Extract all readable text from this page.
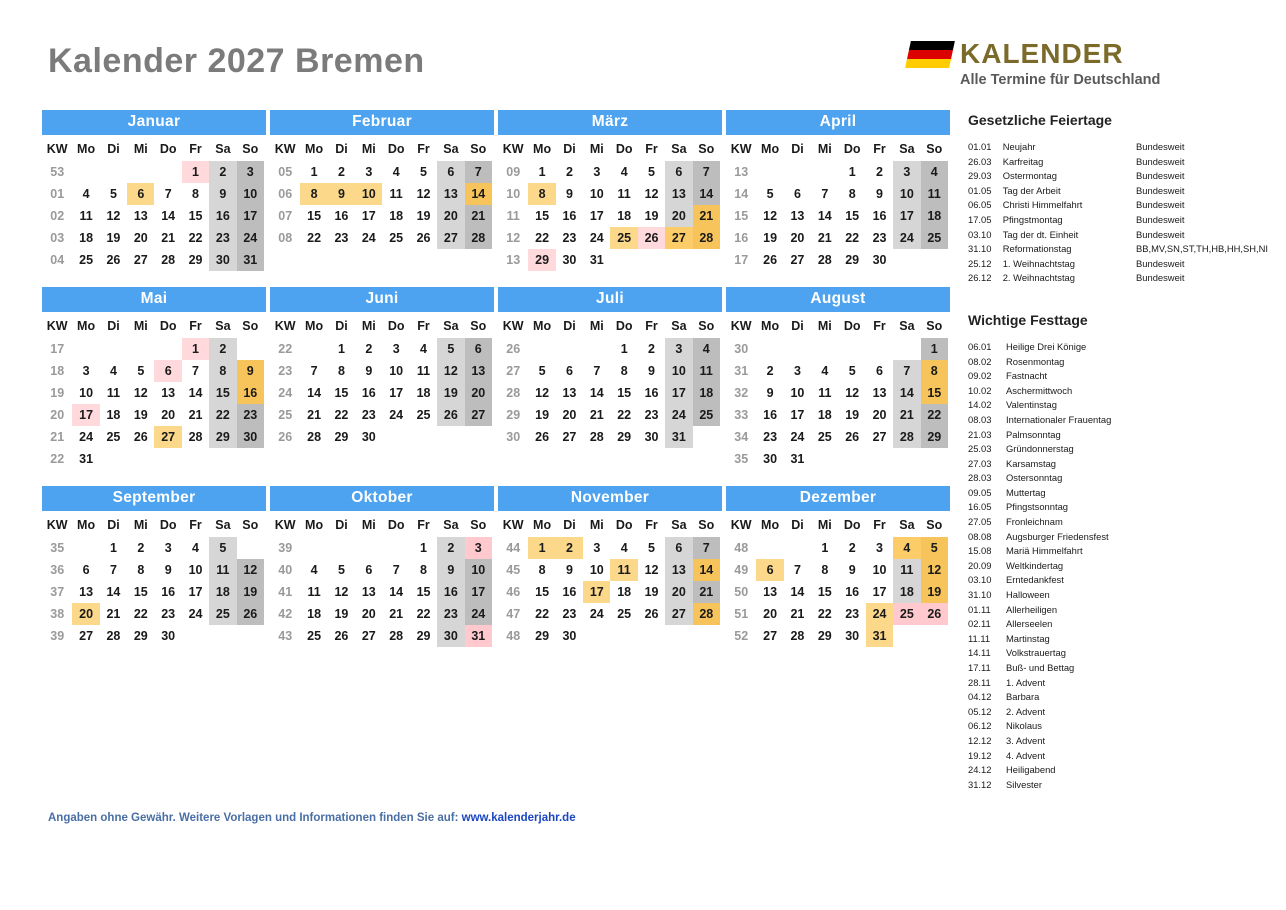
Kalender 2027 Bremen	KALENDER
Alle Termine für Deutschland
Januar
KW	Mo	Di	Mi	Do	Fr	Sa	So
53					1	2	3
01	4	5	6	7	8	9	10
02	11	12	13	14	15	16	17
03	18	19	20	21	22	23	24
04	25	26	27	28	29	30	31
Februar
KW	Mo	Di	Mi	Do	Fr	Sa	So
05	1	2	3	4	5	6	7
06	8	9	10	11	12	13	14
07	15	16	17	18	19	20	21
08	22	23	24	25	26	27	28
März
KW	Mo	Di	Mi	Do	Fr	Sa	So
09	1	2	3	4	5	6	7
10	8	9	10	11	12	13	14
11	15	16	17	18	19	20	21
12	22	23	24	25	26	27	28
13	29	30	31				
April
KW	Mo	Di	Mi	Do	Fr	Sa	So
13				1	2	3	4
14	5	6	7	8	9	10	11
15	12	13	14	15	16	17	18
16	19	20	21	22	23	24	25
17	26	27	28	29	30		
Mai
KW	Mo	Di	Mi	Do	Fr	Sa	So
17					1	2	
18	3	4	5	6	7	8	9
19	10	11	12	13	14	15	16
20	17	18	19	20	21	22	23
21	24	25	26	27	28	29	30
22	31						
Juni
KW	Mo	Di	Mi	Do	Fr	Sa	So
22		1	2	3	4	5	6
23	7	8	9	10	11	12	13
24	14	15	16	17	18	19	20
25	21	22	23	24	25	26	27
26	28	29	30				
Juli
KW	Mo	Di	Mi	Do	Fr	Sa	So
26				1	2	3	4
27	5	6	7	8	9	10	11
28	12	13	14	15	16	17	18
29	19	20	21	22	23	24	25
30	26	27	28	29	30	31	
August
KW	Mo	Di	Mi	Do	Fr	Sa	So
30							1
31	2	3	4	5	6	7	8
32	9	10	11	12	13	14	15
33	16	17	18	19	20	21	22
34	23	24	25	26	27	28	29
35	30	31					
September
KW	Mo	Di	Mi	Do	Fr	Sa	So
35		1	2	3	4	5	
36	6	7	8	9	10	11	12
37	13	14	15	16	17	18	19
38	20	21	22	23	24	25	26
39	27	28	29	30			
Oktober
KW	Mo	Di	Mi	Do	Fr	Sa	So
39					1	2	3
40	4	5	6	7	8	9	10
41	11	12	13	14	15	16	17
42	18	19	20	21	22	23	24
43	25	26	27	28	29	30	31
November
KW	Mo	Di	Mi	Do	Fr	Sa	So
44	1	2	3	4	5	6	7
45	8	9	10	11	12	13	14
46	15	16	17	18	19	20	21
47	22	23	24	25	26	27	28
48	29	30					
Dezember
KW	Mo	Di	Mi	Do	Fr	Sa	So
48			1	2	3	4	5
49	6	7	8	9	10	11	12
50	13	14	15	16	17	18	19
51	20	21	22	23	24	25	26
52	27	28	29	30	31		
Gesetzliche Feiertage
01.01	Neujahr	Bundesweit
26.03	Karfreitag	Bundesweit
29.03	Ostermontag	Bundesweit
01.05	Tag der Arbeit	Bundesweit
06.05	Christi Himmelfahrt	Bundesweit
17.05	Pfingstmontag	Bundesweit
03.10	Tag der dt. Einheit	Bundesweit
31.10	Reformationstag	BB,MV,SN,ST,TH,HB,HH,SH,NI
25.12	1. Weihnachtstag	Bundesweit
26.12	2. Weihnachtstag	Bundesweit
Wichtige Festtage
06.01	Heilige Drei Könige
08.02	Rosenmontag
09.02	Fastnacht
10.02	Aschermittwoch
14.02	Valentinstag
08.03	Internationaler Frauentag
21.03	Palmsonntag
25.03	Gründonnerstag
27.03	Karsamstag
28.03	Ostersonntag
09.05	Muttertag
16.05	Pfingstsonntag
27.05	Fronleichnam
08.08	Augsburger Friedensfest
15.08	Mariä Himmelfahrt
20.09	Weltkindertag
03.10	Erntedankfest
31.10	Halloween
01.11	Allerheiligen
02.11	Allerseelen
11.11	Martinstag
14.11	Volkstrauertag
17.11	Buß- und Bettag
28.11	1. Advent
04.12	Barbara
05.12	2. Advent
06.12	Nikolaus
12.12	3. Advent
19.12	4. Advent
24.12	Heiligabend
31.12	Silvester
Angaben ohne Gewähr. Weitere Vorlagen und Informationen finden Sie auf: www.kalenderjahr.de
